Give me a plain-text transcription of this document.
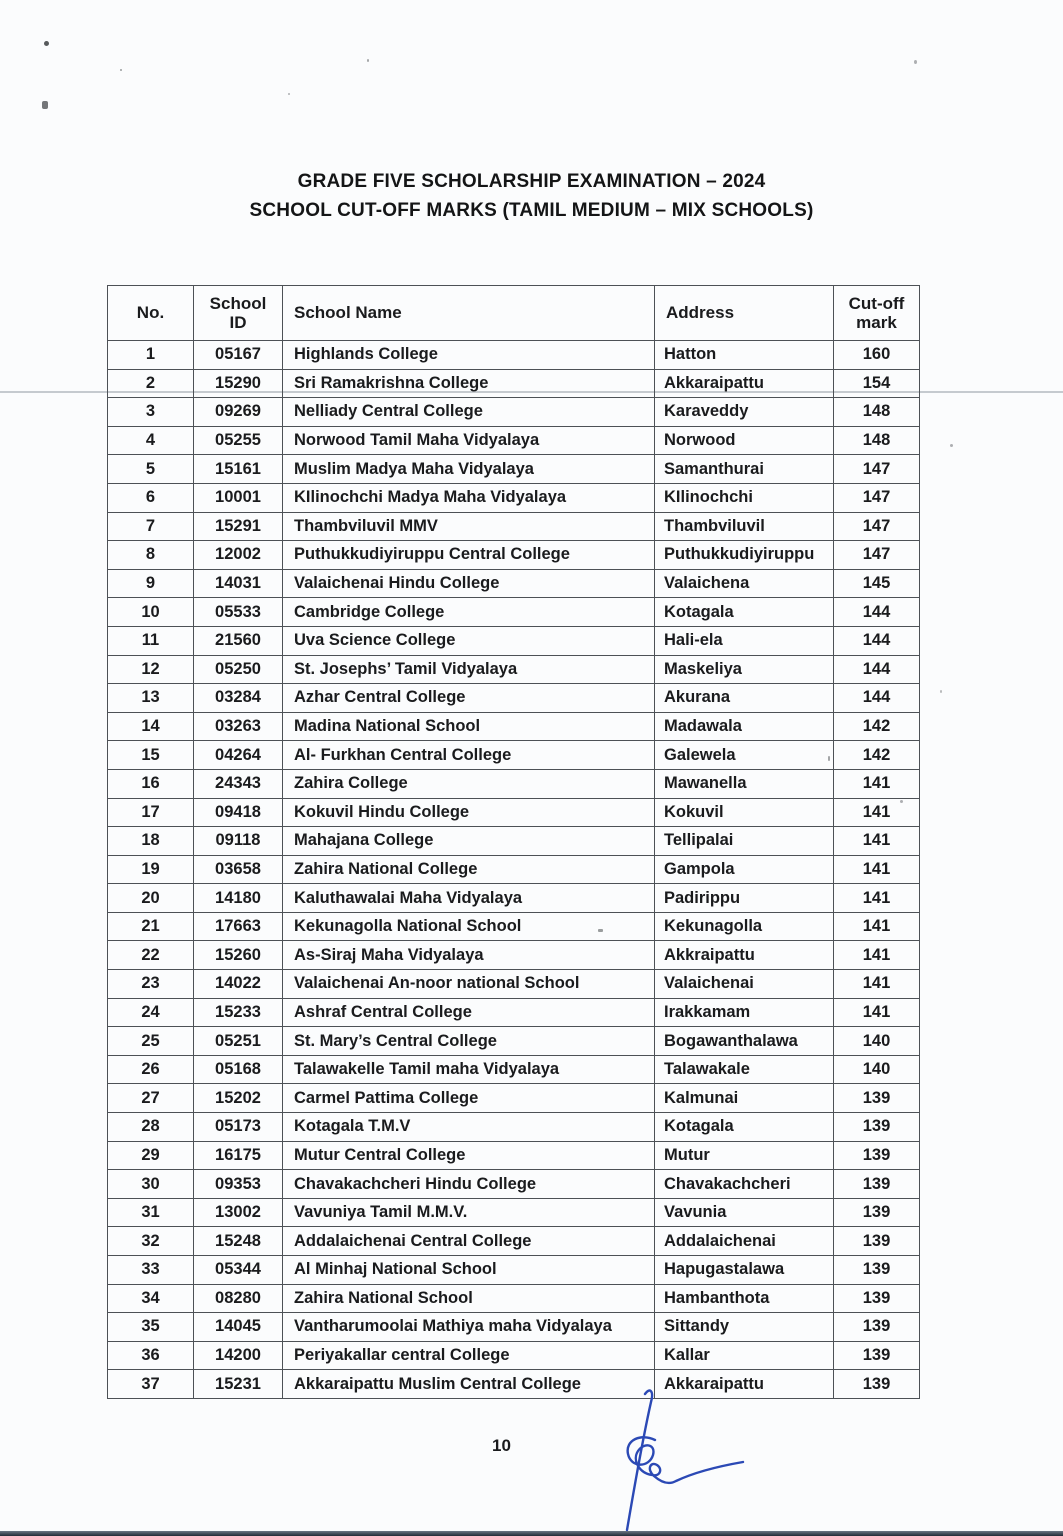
GRADE FIVE SCHOLARSHIP EXAMINATION – 2024
SCHOOL CUT-OFF MARKS (TAMIL MEDIUM – MIX SCHOOLS)
No.	School ID	School Name	Address	Cut-off mark

1	05167	Highlands College	Hatton	160
2	15290	Sri Ramakrishna College	Akkaraipattu	154
3	09269	Nelliady Central College	Karaveddy	148
4	05255	Norwood Tamil Maha Vidyalaya	Norwood	148
5	15161	Muslim Madya Maha Vidyalaya	Samanthurai	147
6	10001	KIlinochchi Madya Maha Vidyalaya	KIlinochchi	147
7	15291	Thambviluvil MMV	Thambviluvil	147
8	12002	Puthukkudiyiruppu Central College	Puthukkudiyiruppu	147
9	14031	Valaichenai Hindu College	Valaichena	145
10	05533	Cambridge College	Kotagala	144
11	21560	Uva Science College	Hali-ela	144
12	05250	St. Josephs’ Tamil Vidyalaya	Maskeliya	144
13	03284	Azhar Central College	Akurana	144
14	03263	Madina National School	Madawala	142
15	04264	Al- Furkhan Central College	Galewela	142
16	24343	Zahira College	Mawanella	141
17	09418	Kokuvil Hindu College	Kokuvil	141
18	09118	Mahajana College	Tellipalai	141
19	03658	Zahira National College	Gampola	141
20	14180	Kaluthawalai Maha Vidyalaya	Padirippu	141
21	17663	Kekunagolla National School	Kekunagolla	141
22	15260	As-Siraj Maha Vidyalaya	Akkraipattu	141
23	14022	Valaichenai An-noor national School	Valaichenai	141
24	15233	Ashraf Central College	Irakkamam	141
25	05251	St. Mary’s Central College	Bogawanthalawa	140
26	05168	Talawakelle Tamil maha Vidyalaya	Talawakale	140
27	15202	Carmel Pattima College	Kalmunai	139
28	05173	Kotagala T.M.V	Kotagala	139
29	16175	Mutur Central College	Mutur	139
30	09353	Chavakachcheri Hindu College	Chavakachcheri	139
31	13002	Vavuniya Tamil M.M.V.	Vavunia	139
32	15248	Addalaichenai Central College	Addalaichenai	139
33	05344	Al Minhaj National School	Hapugastalawa	139
34	08280	Zahira National School	Hambanthota	139
35	14045	Vantharumoolai Mathiya maha Vidyalaya	Sittandy	139
36	14200	Periyakallar central College	Kallar	139
37	15231	Akkaraipattu Muslim Central College	Akkaraipattu	139
10
